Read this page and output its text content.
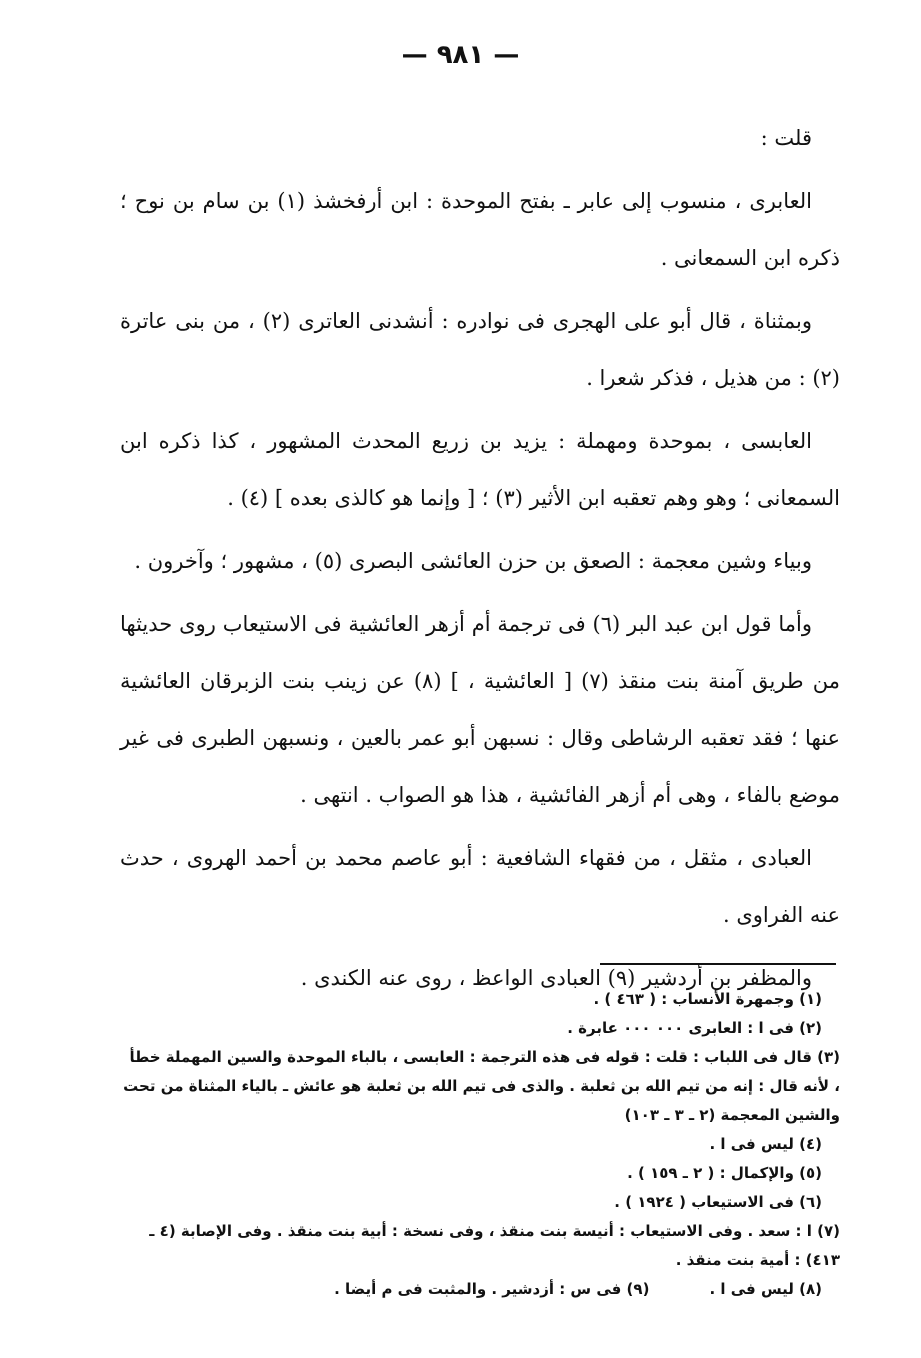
— ٩٨١ —

قلت :

العابرى ، منسوب إلى عابر ـ بفتح الموحدة : ابن أرفخشذ (١) بن سام بن نوح ؛ ذكره ابن السمعانى .

وبمثناة ، قال أبو على الهجرى فى نوادره : أنشدنى العاترى (٢) ، من بنى عاترة (٢) : من هذيل ، فذكر شعرا .

العابسى ، بموحدة ومهملة : يزيد بن زريع المحدث المشهور ، كذا ذكره ابن السمعانى ؛ وهو وهم تعقبه ابن الأثير (٣) ؛ [ وإنما هو كالذى بعده ] (٤) .

وبياء وشين معجمة : الصعق بن حزن العائشى البصرى (٥) ، مشهور ؛ وآخرون .

وأما قول ابن عبد البر (٦) فى ترجمة أم أزهر العائشية فى الاستيعاب روى حديثها من طريق آمنة بنت منقذ (٧) [ العائشية ، ] (٨) عن زينب بنت الزبرقان العائشية عنها ؛ فقد تعقبه الرشاطى وقال : نسبهن أبو عمر بالعين ، ونسبهن الطبرى فى غير موضع بالفاء ، وهى أم أزهر الفائشية ، هذا هو الصواب . انتهى .

العبادى ، مثقل ، من فقهاء الشافعية : أبو عاصم محمد بن أحمد الهروى ، حدث عنه الفراوى .

والمظفر بن أردشير (٩) العبادى الواعظ ، روى عنه الكندى .

(١) وجمهرة الأنساب : ( ٤٦٣ ) .

(٢) فى ا : العابرى ٠٠٠ ٠٠٠ عابرة .

(٣) قال فى اللباب : قلت : قوله فى هذه الترجمة : العابسى ، بالباء الموحدة والسين المهملة خطأ ، لأنه قال : إنه من تيم الله بن ثعلبة . والذى فى تيم الله بن ثعلبة هو عائش ـ بالياء المثناة من تحت والشين المعجمة (٢ ـ ٣ ـ ١٠٣)

(٤) ليس فى ا .

(٥) والإكمال : ( ٢ ـ ١٥٩ ) .

(٦) فى الاستيعاب ( ١٩٢٤ ) .

(٧) ا : سعد . وفى الاستيعاب : أنيسة بنت منقذ ، وفى نسخة : أبية بنت منقذ . وفى الإصابة (٤ ـ ٤١٣) : أمية بنت منقذ .

(٨) ليس فى ا .
(٩) فى س : أزدشير . والمثبت فى م أيضا .
